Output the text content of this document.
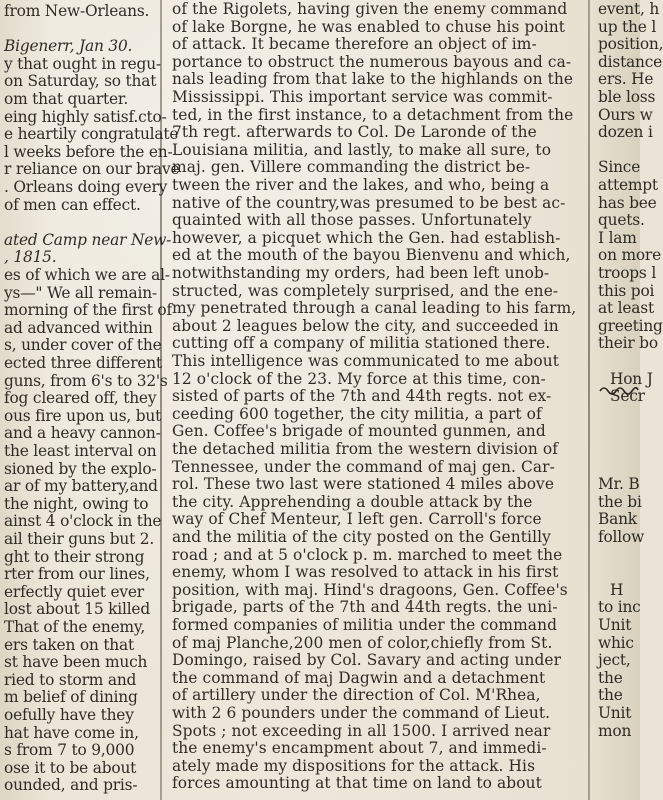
from New-Orleans.
Bigenerr, Jan 30.
y that ought in regu-
on Saturday, so that
om that quarter.
eing highly satisf.cto-
e heartily congratulate
l weeks before the en-
r reliance on our brave
. Orleans doing every
of men can effect.
ated Camp near New-
, 1815.
es of which we are al-
ys—" We all remain-
morning of the first of
ad advanced within
s, under cover of the
ected three different
guns, from 6's to 32's
fog cleared off, they
ous fire upon us, but
and a heavy cannon-
the least interval on
sioned by the explo-
ar of my battery,and
the night, owing to
ainst 4 o'clock in the
ail their guns but 2.
ght to their strong
rter from our lines,
erfectly quiet ever
lost about 15 killed
That of the enemy,
ers taken on that
st have been much
ried to storm and
m belief of dining
oefully have they
hat have come in,
s from 7 to 9,000
ose it to be about
ounded, and pris-
of the Rigolets, having given the enemy command
of lake Borgne, he was enabled to chuse his point
of attack. It became therefore an object of im-
portance to obstruct the numerous bayous and ca-
nals leading from that lake to the highlands on the
Mississippi. This important service was commit-
ted, in the first instance, to a detachment from the
7th regt. afterwards to Col. De Laronde of the
Louisiana militia, and lastly, to make all sure, to
maj. gen. Villere commanding the district be-
tween the river and the lakes, and who, being a
native of the country,was presumed to be best ac-
quainted with all those passes. Unfortunately
however, a picquet which the Gen. had establish-
ed at the mouth of the bayou Bienvenu and which,
notwithstanding my orders, had been left unob-
structed, was completely surprised, and the ene-
my penetrated through a canal leading to his farm,
about 2 leagues below the city, and succeeded in
cutting off a company of militia stationed there.
This intelligence was communicated to me about
12 o'clock of the 23. My force at this time, con-
sisted of parts of the 7th and 44th regts. not ex-
ceeding 600 together, the city militia, a part of
Gen. Coffee's brigade of mounted gunmen, and
the detached militia from the western division of
Tennessee, under the command of maj gen. Car-
rol. These two last were stationed 4 miles above
the city. Apprehending a double attack by the
way of Chef Menteur, I left gen. Carroll's force
and the militia of the city posted on the Gentilly
road ; and at 5 o'clock p. m. marched to meet the
enemy, whom I was resolved to attack in his first
position, with maj. Hind's dragoons, Gen. Coffee's
brigade, parts of the 7th and 44th regts. the uni-
formed companies of militia under the command
of maj Planche,200 men of color,chiefly from St.
Domingo, raised by Col. Savary and acting under
the command of maj Dagwin and a detachment
of artillery under the direction of Col. M'Rhea,
with 2 6 pounders under the command of Lieut.
Spots ; not exceeding in all 1500. I arrived near
the enemy's encampment about 7, and immedi-
ately made my dispositions for the attack. His
forces amounting at that time on land to about
event, h
up the l
position,
distance
ers. He
ble loss
Ours w
dozen i
Since
attempt
has bee
quets.
I lam
on more
troops l
this poi
at least
greeting
their bo
Hon J
Secr
Mr. B
the bi
Bank
follow
H
to inc
Unit
whic
ject,
the
the
Unit
mon
